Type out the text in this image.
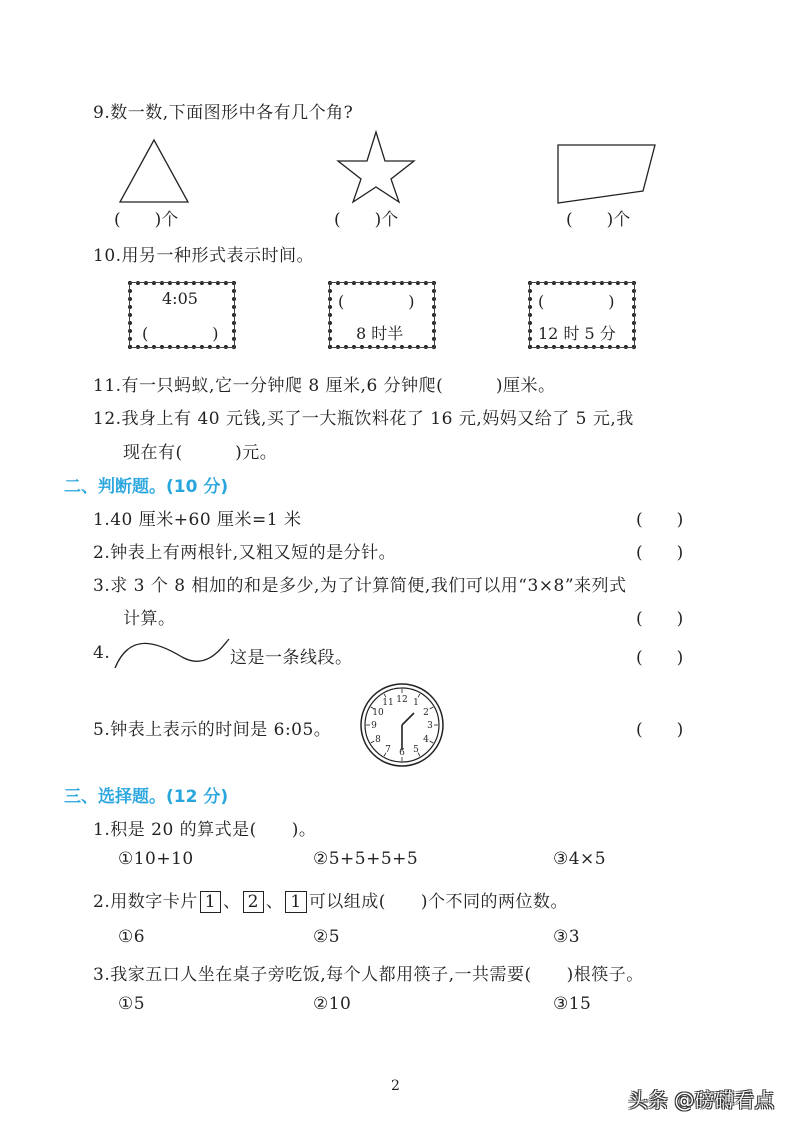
9.数一数,下面图形中各有几个角?
(　　)个	(　　)个	(　　)个
10.用另一种形式表示时间。
4:05
(　　　　)
(　　　　)
8 时半
(　　　　)
12 时 5 分
11.有一只蚂蚁,它一分钟爬 8 厘米,6 分钟爬(　　　)厘米。
12.我身上有 40 元钱,买了一大瓶饮料花了 16 元,妈妈又给了 5 元,我
现在有(　　　)元。
二、判断题。(10 分)
1.40 厘米+60 厘米=1 米	(　　)
2.钟表上有两根针,又粗又短的是分针。	(　　)
3.求 3 个 8 相加的和是多少,为了计算简便,我们可以用“3×8”来列式
计算。	(　　)
4.	这是一条线段。	(　　)
5.钟表上表示的时间是 6:05。
12 1
2
3
4
5
6
7
8
9
10
11
(　　)
三、选择题。(12 分)
1.积是 20 的算式是(　　)。
①10+10	②5+5+5+5	③4×5
2.用数字卡片 1 、 2 、 1 可以组成(　　)个不同的两位数。
①6	②5	③3
3.我家五口人坐在桌子旁吃饭,每个人都用筷子,一共需要(　　)根筷子。
①5	②10	③15
2
头条 @磅礴看点
